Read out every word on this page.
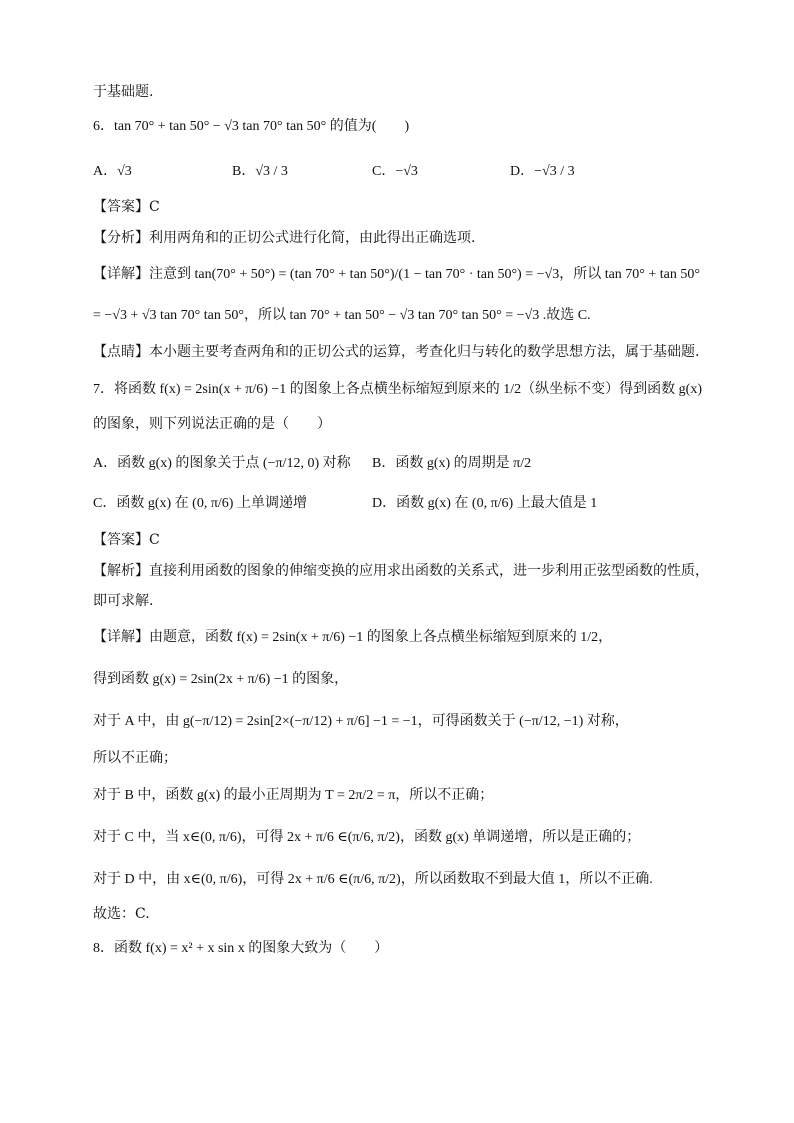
于基础题.
6．tan 70° + tan 50° − √3 tan 70° tan 50° 的值为(　　)
A．√3	B．√3 / 3	C．−√3	D．−√3 / 3
【答案】C
【分析】利用两角和的正切公式进行化简，由此得出正确选项.
【详解】注意到 tan(70° + 50°) = (tan 70° + tan 50°)/(1 − tan 70° · tan 50°) = −√3，所以 tan 70° + tan 50°
= −√3 + √3 tan 70° tan 50°，所以 tan 70° + tan 50° − √3 tan 70° tan 50° = −√3 .故选 C.
【点睛】本小题主要考查两角和的正切公式的运算，考查化归与转化的数学思想方法，属于基础题.
7．将函数 f(x) = 2sin(x + π/6) −1 的图象上各点横坐标缩短到原来的 1/2（纵坐标不变）得到函数 g(x)
的图象，则下列说法正确的是（　　）
A．函数 g(x) 的图象关于点 (−π/12, 0) 对称 B．函数 g(x) 的周期是 π/2
C．函数 g(x) 在 (0, π/6) 上单调递增	D．函数 g(x) 在 (0, π/6) 上最大值是 1
【答案】C
【解析】直接利用函数的图象的伸缩变换的应用求出函数的关系式，进一步利用正弦型函数的性质，
即可求解.
【详解】由题意，函数 f(x) = 2sin(x + π/6) −1 的图象上各点横坐标缩短到原来的 1/2，
得到函数 g(x) = 2sin(2x + π/6) −1 的图象，
对于 A 中，由 g(−π/12) = 2sin[2×(−π/12) + π/6] −1 = −1，可得函数关于 (−π/12, −1) 对称，
所以不正确；
对于 B 中，函数 g(x) 的最小正周期为 T = 2π/2 = π，所以不正确；
对于 C 中，当 x∈(0, π/6)，可得 2x + π/6 ∈(π/6, π/2)，函数 g(x) 单调递增，所以是正确的；
对于 D 中，由 x∈(0, π/6)，可得 2x + π/6 ∈(π/6, π/2)，所以函数取不到最大值 1，所以不正确.
故选：C.
8．函数 f(x) = x² + x sin x 的图象大致为（　　）
